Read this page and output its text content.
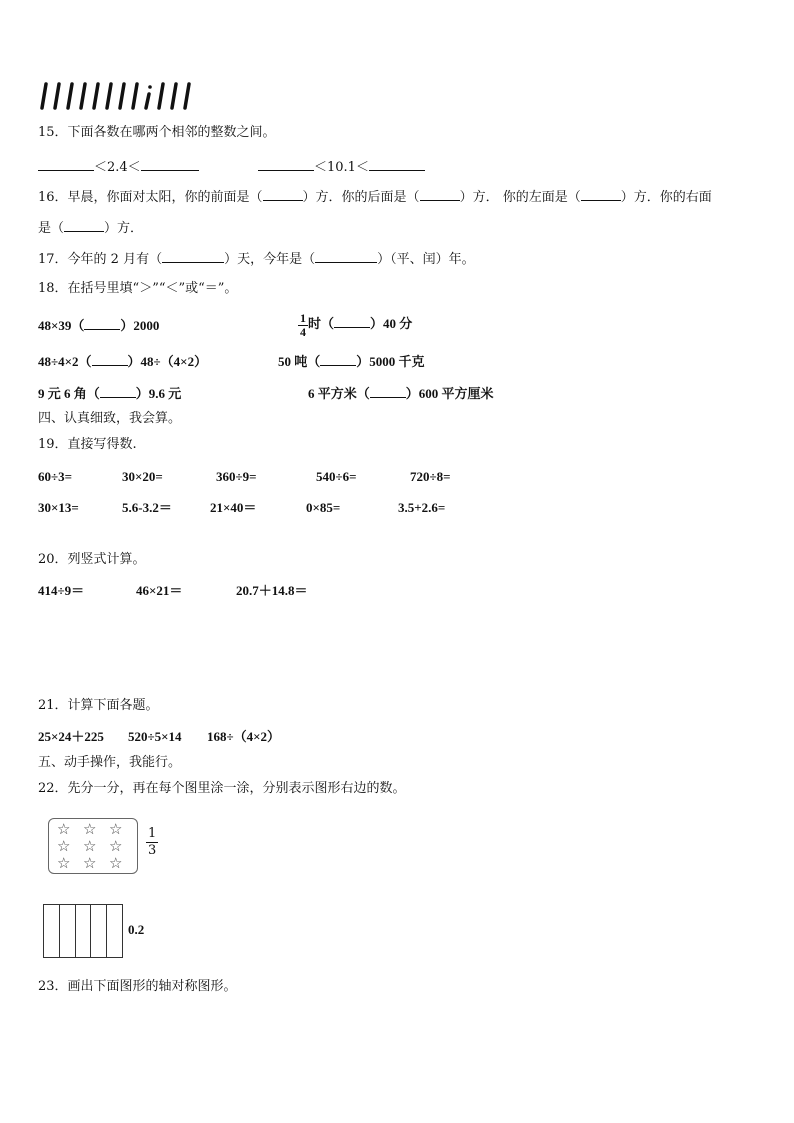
15．下面各数在哪两个相邻的整数之间。
＜2.4＜	＜10.1＜
16．早晨，你面对太阳，你的前面是（	）方．你的后面是（	）方． 你的左面是（	）方．你的右面
是（	）方．
17．今年的 2 月有（	）天，今年是（	）（平、闰）年。
18．在括号里填“＞”“＜”或“＝”。
48×39（	）2000	$\frac{1}{4}$ 时（	）40 分
48÷4×2（	）48÷（4×2）	50 吨（	）5000 千克
9 元 6 角（	）9.6 元	6 平方米（	）600 平方厘米
四、认真细致，我会算。
19．直接写得数.
60÷3=	30×20=	360÷9=	540÷6=	720÷8=
30×13=	5.6-3.2＝	21×40＝	0×85=	3.5+2.6=
20．列竖式计算。
414÷9＝	46×21＝	20.7＋14.8＝
21．计算下面各题。
25×24＋225 520÷5×14 168÷（4×2）
五、动手操作，我能行。
22．先分一分，再在每个图里涂一涂，分别表示图形右边的数。
☆ ☆ ☆
☆ ☆ ☆
☆ ☆ ☆
$\frac{1}{3}$
0.2
23．画出下面图形的轴对称图形。
